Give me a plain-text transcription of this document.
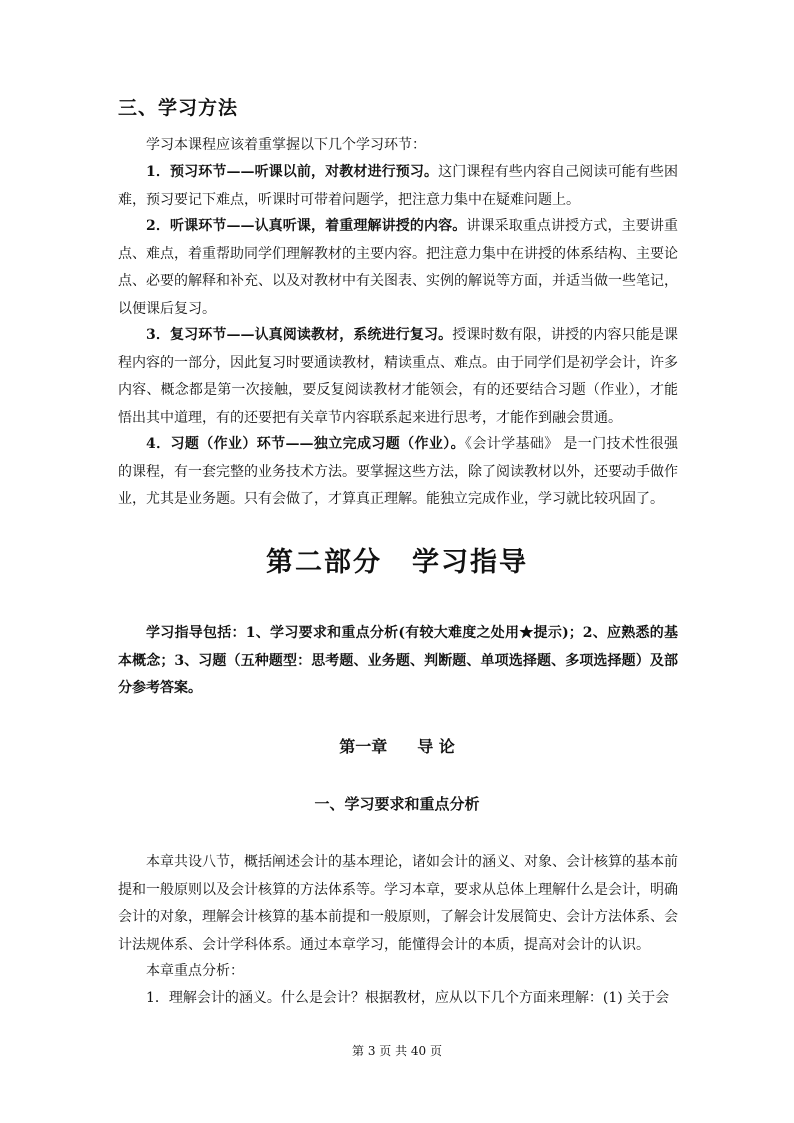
三、学习方法

学习本课程应该着重掌握以下几个学习环节：

1．预习环节——听课以前，对教材进行预习。这门课程有些内容自己阅读可能有些困难，预习要记下难点，听课时可带着问题学，把注意力集中在疑难问题上。

2．听课环节——认真听课，着重理解讲授的内容。讲课采取重点讲授方式，主要讲重点、难点，着重帮助同学们理解教材的主要内容。把注意力集中在讲授的体系结构、主要论点、必要的解释和补充、以及对教材中有关图表、实例的解说等方面，并适当做一些笔记，以便课后复习。

3．复习环节——认真阅读教材，系统进行复习。授课时数有限，讲授的内容只能是课程内容的一部分，因此复习时要通读教材，精读重点、难点。由于同学们是初学会计，许多内容、概念都是第一次接触，要反复阅读教材才能领会，有的还要结合习题（作业），才能悟出其中道理，有的还要把有关章节内容联系起来进行思考，才能作到融会贯通。

4．习题（作业）环节——独立完成习题（作业）。《会计学基础》 是一门技术性很强的课程，有一套完整的业务技术方法。要掌握这些方法，除了阅读教材以外，还要动手做作业，尤其是业务题。只有会做了，才算真正理解。能独立完成作业，学习就比较巩固了。

第二部分 学习指导

学习指导包括：1、学习要求和重点分析(有较大难度之处用★提示)；2、应熟悉的基本概念；3、习题（五种题型：思考题、业务题、判断题、单项选择题、多项选择题）及部分参考答案。

第一章 导 论
一、学习要求和重点分析

本章共设八节，概括阐述会计的基本理论，诸如会计的涵义、对象、会计核算的基本前提和一般原则以及会计核算的方法体系等。学习本章，要求从总体上理解什么是会计，明确会计的对象，理解会计核算的基本前提和一般原则，了解会计发展简史、会计方法体系、会计法规体系、会计学科体系。通过本章学习，能懂得会计的本质，提高对会计的认识。

本章重点分析：

1．理解会计的涵义。什么是会计？根据教材，应从以下几个方面来理解：(1) 关于会

第 3 页 共 40 页
